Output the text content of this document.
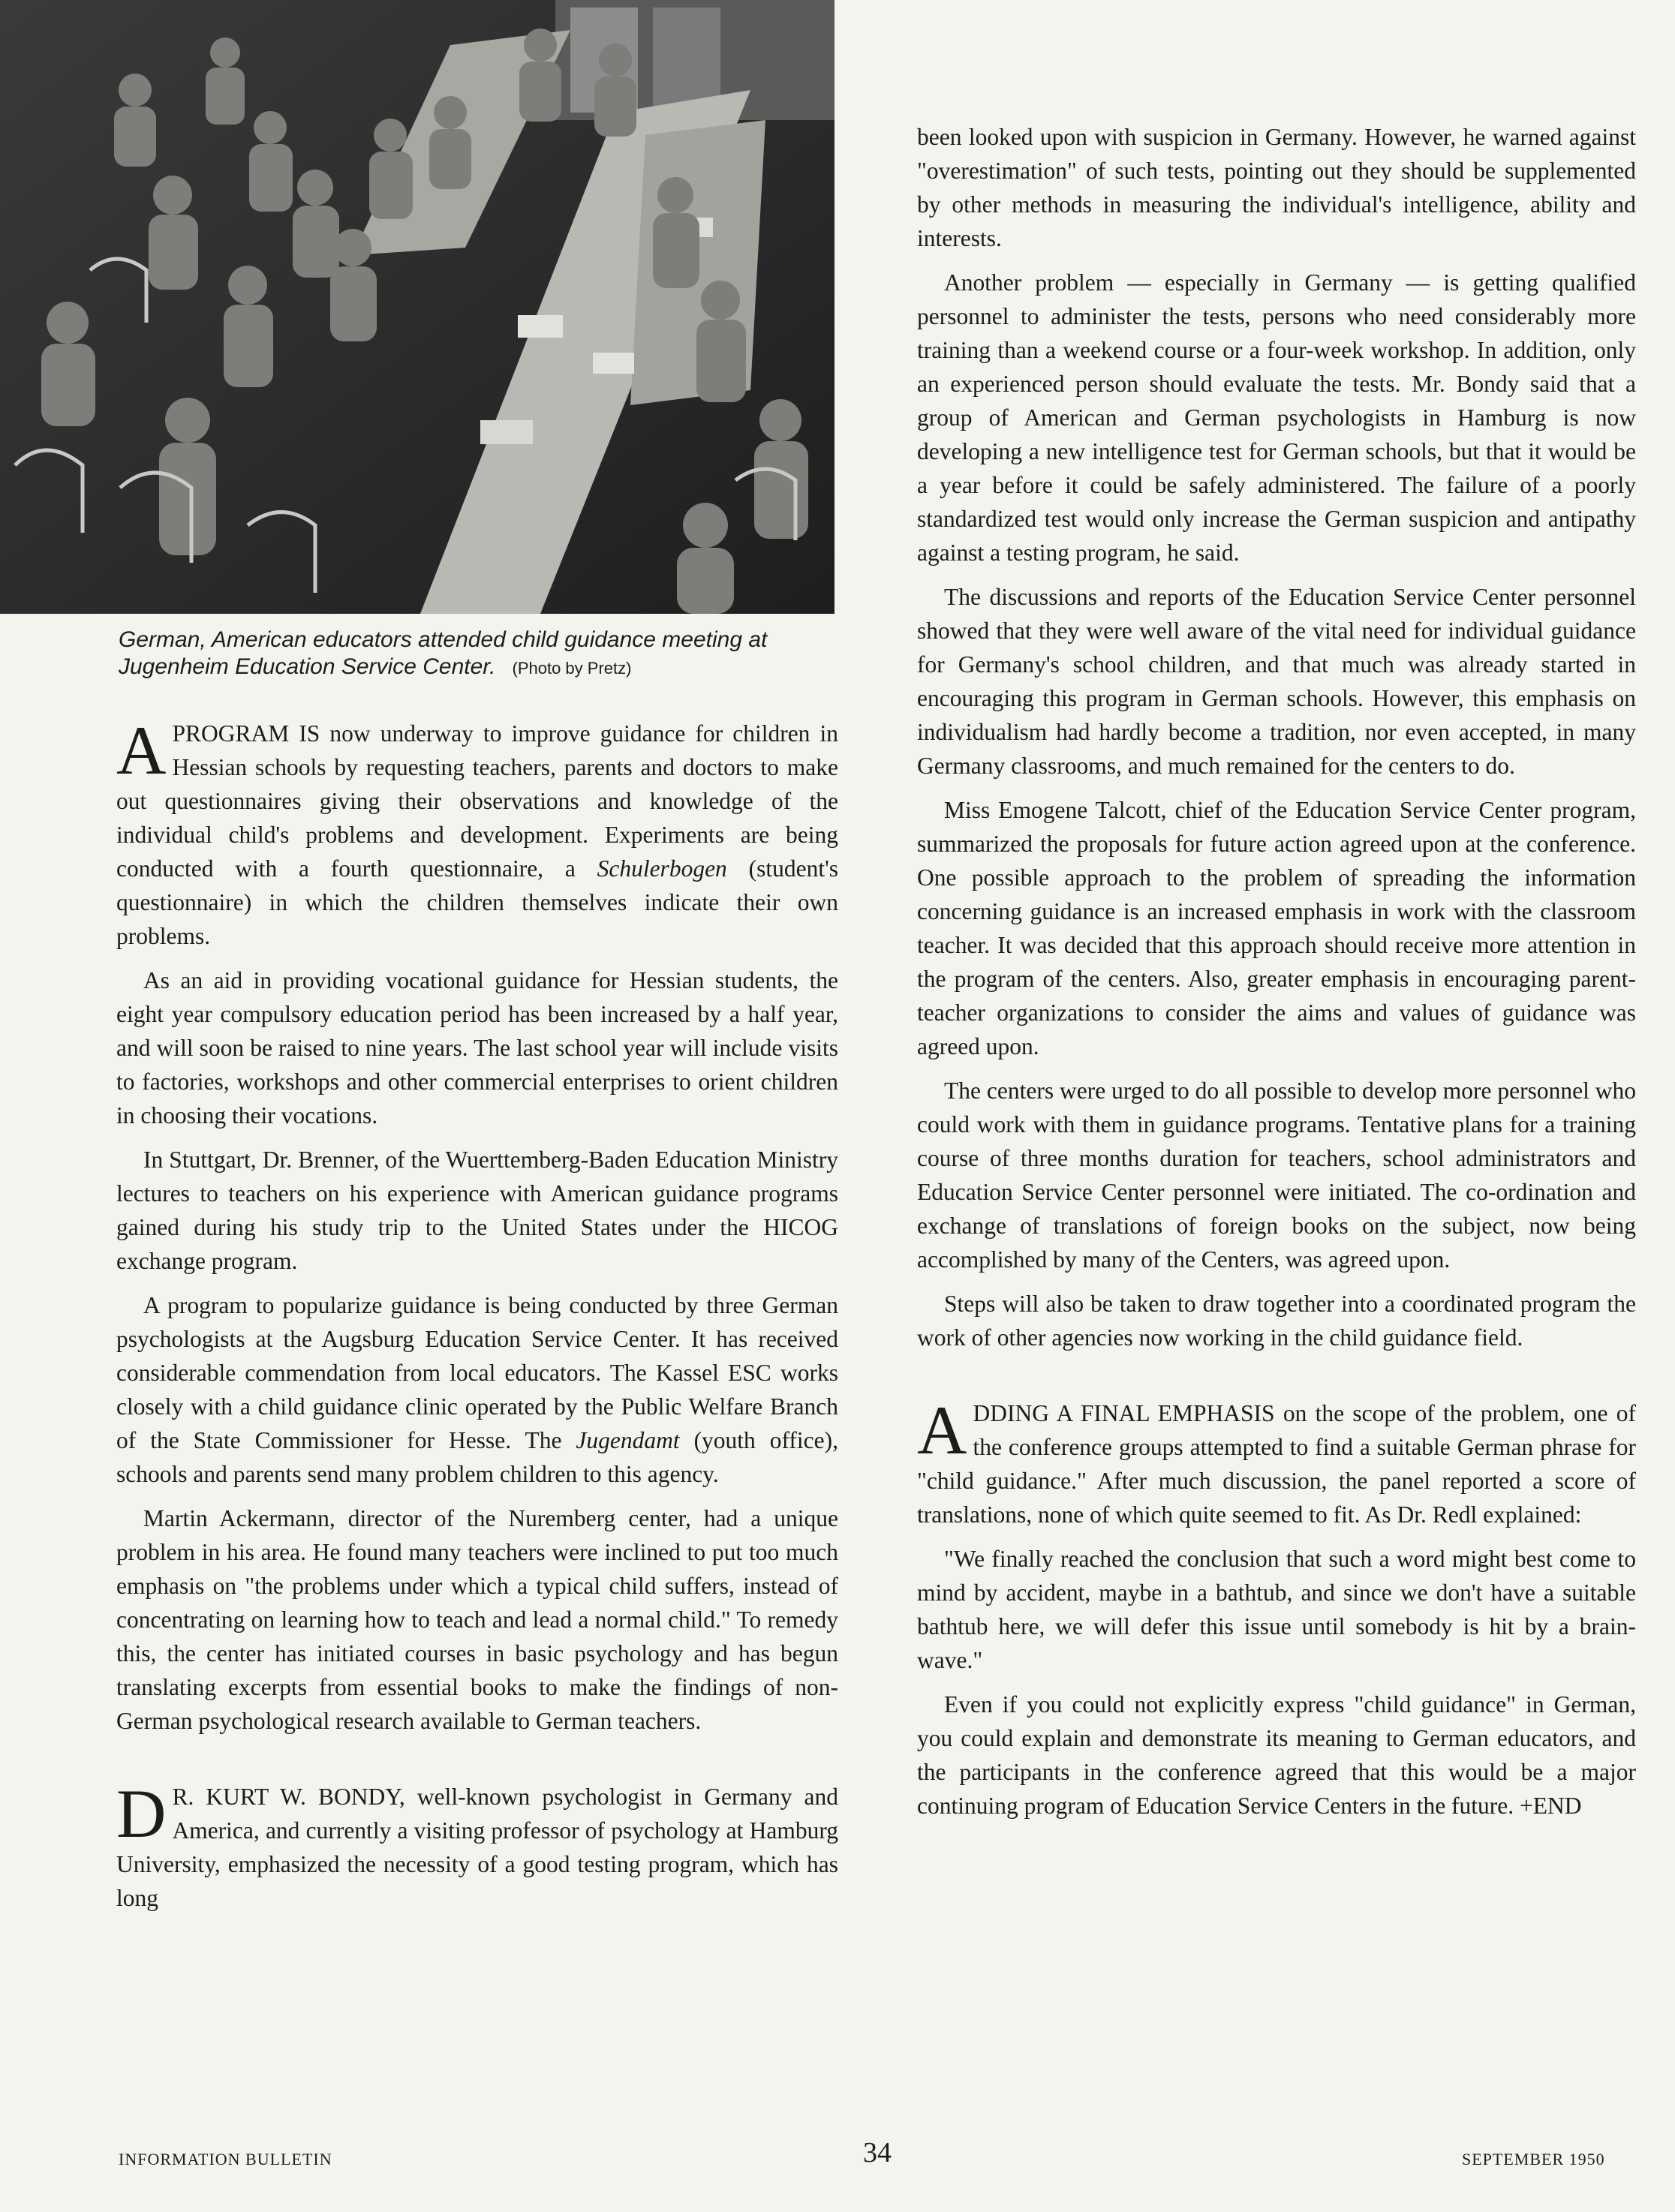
German, American educators attended child guidance meeting at Jugenheim Education Service Center. (Photo by Pretz)

APROGRAM IS now underway to improve guidance for children in Hessian schools by requesting teachers, parents and doctors to make out questionnaires giving their observations and knowledge of the individual child's problems and development. Experiments are being conducted with a fourth questionnaire, a Schulerbogen (student's questionnaire) in which the children themselves indicate their own problems.

As an aid in providing vocational guidance for Hessian students, the eight year compulsory education period has been increased by a half year, and will soon be raised to nine years. The last school year will include visits to factories, workshops and other commercial enterprises to orient children in choosing their vocations.

In Stuttgart, Dr. Brenner, of the Wuerttemberg-Baden Education Ministry lectures to teachers on his experience with American guidance programs gained during his study trip to the United States under the HICOG exchange program.

A program to popularize guidance is being conducted by three German psychologists at the Augsburg Education Service Center. It has received considerable commendation from local educators. The Kassel ESC works closely with a child guidance clinic operated by the Public Welfare Branch of the State Commissioner for Hesse. The Jugendamt (youth office), schools and parents send many problem children to this agency.

Martin Ackermann, director of the Nuremberg center, had a unique problem in his area. He found many teachers were inclined to put too much emphasis on "the problems under which a typical child suffers, instead of concentrating on learning how to teach and lead a normal child." To remedy this, the center has initiated courses in basic psychology and has begun translating excerpts from essential books to make the findings of non-German psychological research available to German teachers.

D R. KURT W. BONDY, well-known psychologist in Germany and America, and currently a visiting professor of psychology at Hamburg University, emphasized the necessity of a good testing program, which has long

been looked upon with suspicion in Germany. However, he warned against "overestimation" of such tests, pointing out they should be supplemented by other methods in measuring the individual's intelligence, ability and interests.

Another problem — especially in Germany — is getting qualified personnel to administer the tests, persons who need considerably more training than a weekend course or a four-week workshop. In addition, only an experienced person should evaluate the tests. Mr. Bondy said that a group of American and German psychologists in Hamburg is now developing a new intelligence test for German schools, but that it would be a year before it could be safely administered. The failure of a poorly standardized test would only increase the German suspicion and antipathy against a testing program, he said.

The discussions and reports of the Education Service Center personnel showed that they were well aware of the vital need for individual guidance for Germany's school children, and that much was already started in encouraging this program in German schools. However, this emphasis on individualism had hardly become a tradition, nor even accepted, in many Germany classrooms, and much remained for the centers to do.

Miss Emogene Talcott, chief of the Education Service Center program, summarized the proposals for future action agreed upon at the conference. One possible approach to the problem of spreading the information concerning guidance is an increased emphasis in work with the classroom teacher. It was decided that this approach should receive more attention in the program of the centers. Also, greater emphasis in encouraging parent-teacher organizations to consider the aims and values of guidance was agreed upon.

The centers were urged to do all possible to develop more personnel who could work with them in guidance programs. Tentative plans for a training course of three months duration for teachers, school administrators and Education Service Center personnel were initiated. The co-ordination and exchange of translations of foreign books on the subject, now being accomplished by many of the Centers, was agreed upon.

Steps will also be taken to draw together into a coordinated program the work of other agencies now working in the child guidance field.

ADDING A FINAL EMPHASIS on the scope of the problem, one of the conference groups attempted to find a suitable German phrase for "child guidance." After much discussion, the panel reported a score of translations, none of which quite seemed to fit. As Dr. Redl explained:

"We finally reached the conclusion that such a word might best come to mind by accident, maybe in a bathtub, and since we don't have a suitable bathtub here, we will defer this issue until somebody is hit by a brain-wave."

Even if you could not explicitly express "child guidance" in German, you could explain and demonstrate its meaning to German educators, and the participants in the conference agreed that this would be a major continuing program of Education Service Centers in the future. +END

INFORMATION BULLETIN	34	SEPTEMBER 1950
